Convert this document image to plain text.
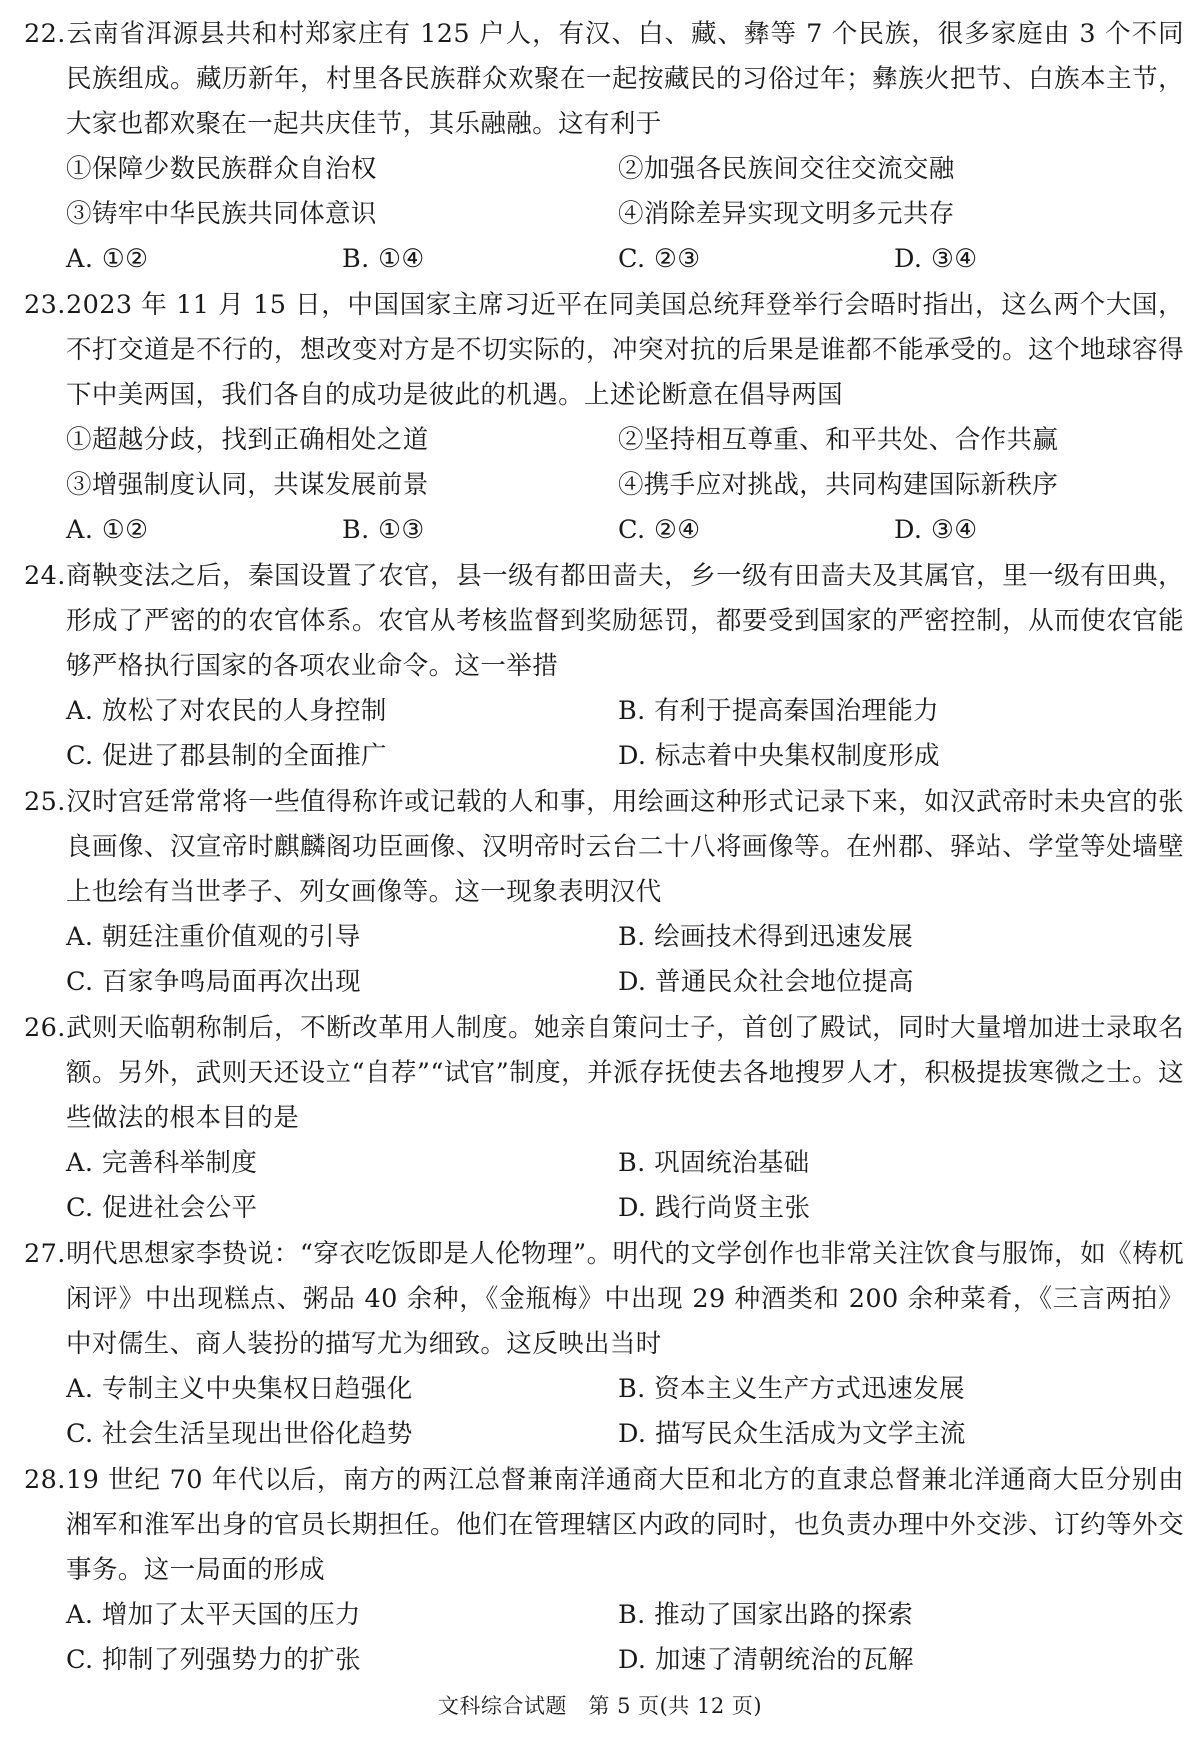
22.云南省洱源县共和村郑家庄有 125 户人，有汉、白、藏、彝等 7 个民族，很多家庭由 3 个不同民族组成。藏历新年，村里各民族群众欢聚在一起按藏民的习俗过年；彝族火把节、白族本主节，大家也都欢聚在一起共庆佳节，其乐融融。这有利于

①保障少数民族群众自治权	②加强各民族间交往交流交融
③铸牢中华民族共同体意识	④消除差异实现文明多元共存
A. ①②	B. ①④	C. ②③	D. ③④

23.2023 年 11 月 15 日，中国国家主席习近平在同美国总统拜登举行会晤时指出，这么两个大国，不打交道是不行的，想改变对方是不切实际的，冲突对抗的后果是谁都不能承受的。这个地球容得下中美两国，我们各自的成功是彼此的机遇。上述论断意在倡导两国

①超越分歧，找到正确相处之道	②坚持相互尊重、和平共处、合作共赢
③增强制度认同，共谋发展前景	④携手应对挑战，共同构建国际新秩序
A. ①②	B. ①③	C. ②④	D. ③④

24.商鞅变法之后，秦国设置了农官，县一级有都田啬夫，乡一级有田啬夫及其属官，里一级有田典，形成了严密的的农官体系。农官从考核监督到奖励惩罚，都要受到国家的严密控制，从而使农官能够严格执行国家的各项农业命令。这一举措

A. 放松了对农民的人身控制	B. 有利于提高秦国治理能力
C. 促进了郡县制的全面推广	D. 标志着中央集权制度形成

25.汉时宫廷常常将一些值得称许或记载的人和事，用绘画这种形式记录下来，如汉武帝时未央宫的张良画像、汉宣帝时麒麟阁功臣画像、汉明帝时云台二十八将画像等。在州郡、驿站、学堂等处墙壁上也绘有当世孝子、列女画像等。这一现象表明汉代

A. 朝廷注重价值观的引导	B. 绘画技术得到迅速发展
C. 百家争鸣局面再次出现	D. 普通民众社会地位提高

26.武则天临朝称制后，不断改革用人制度。她亲自策问士子，首创了殿试，同时大量增加进士录取名额。另外，武则天还设立“自荐”“试官”制度，并派存抚使去各地搜罗人才，积极提拔寒微之士。这些做法的根本目的是

A. 完善科举制度	B. 巩固统治基础
C. 促进社会公平	D. 践行尚贤主张

27.明代思想家李贽说：“穿衣吃饭即是人伦物理”。明代的文学创作也非常关注饮食与服饰，如《梼杌闲评》中出现糕点、粥品 40 余种，《金瓶梅》中出现 29 种酒类和 200 余种菜肴，《三言两拍》中对儒生、商人装扮的描写尤为细致。这反映出当时

A. 专制主义中央集权日趋强化	B. 资本主义生产方式迅速发展
C. 社会生活呈现出世俗化趋势	D. 描写民众生活成为文学主流

28.19 世纪 70 年代以后，南方的两江总督兼南洋通商大臣和北方的直隶总督兼北洋通商大臣分别由湘军和淮军出身的官员长期担任。他们在管理辖区内政的同时，也负责办理中外交涉、订约等外交事务。这一局面的形成

A. 增加了太平天国的压力	B. 推动了国家出路的探索
C. 抑制了列强势力的扩张	D. 加速了清朝统治的瓦解
文科综合试题　第 5 页(共 12 页)
